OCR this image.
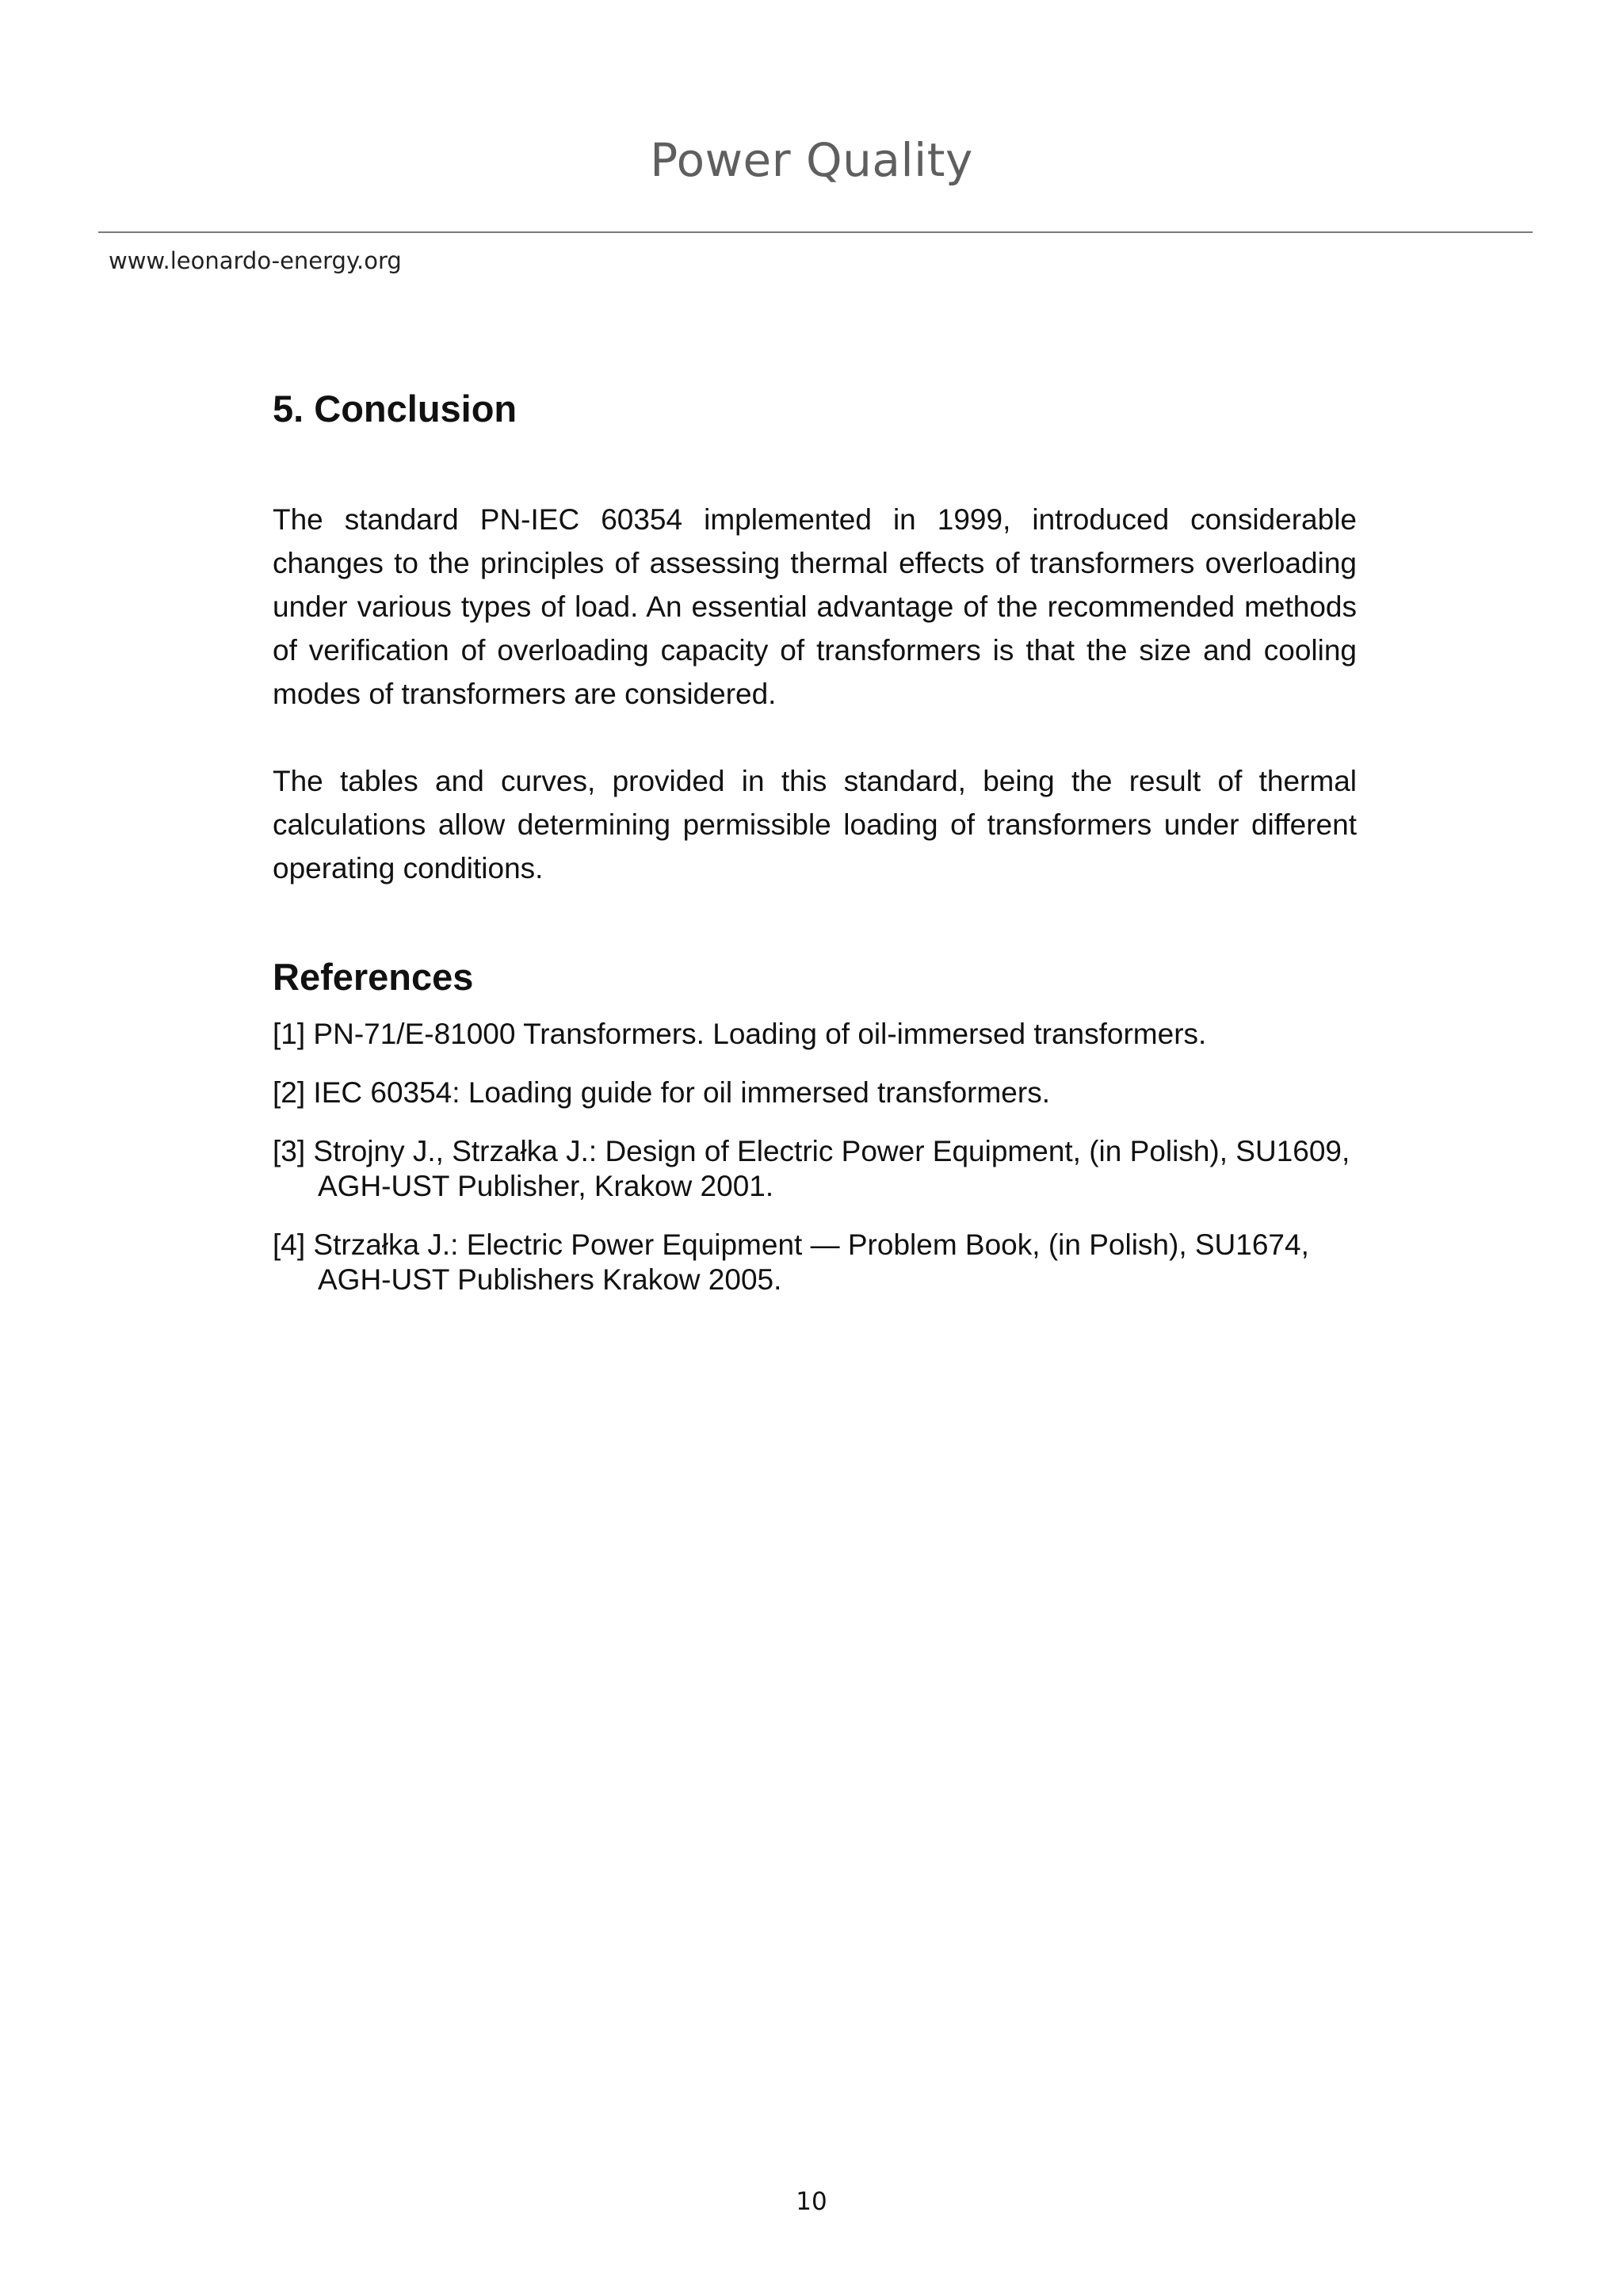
Power Quality
www.leonardo-energy.org
5. Conclusion

The standard PN-IEC 60354 implemented in 1999, introduced considerable changes to the principles of assessing thermal effects of transformers overloading under various types of load. An essential advantage of the recommended methods of verification of overloading capacity of transformers is that the size and cooling modes of transformers are considered.

The tables and curves, provided in this standard, being the result of thermal calculations allow determining permissible loading of transformers under different operating conditions.

References
[1] PN-71/E-81000 Transformers. Loading of oil-immersed transformers.
[2] IEC 60354: Loading guide for oil immersed transformers.
[3] Strojny J., Strzałka J.: Design of Electric Power Equipment, (in Polish), SU1609, AGH-UST Publisher, Krakow 2001.
[4] Strzałka J.: Electric Power Equipment — Problem Book, (in Polish), SU1674, AGH-UST Publishers Krakow 2005.
10
